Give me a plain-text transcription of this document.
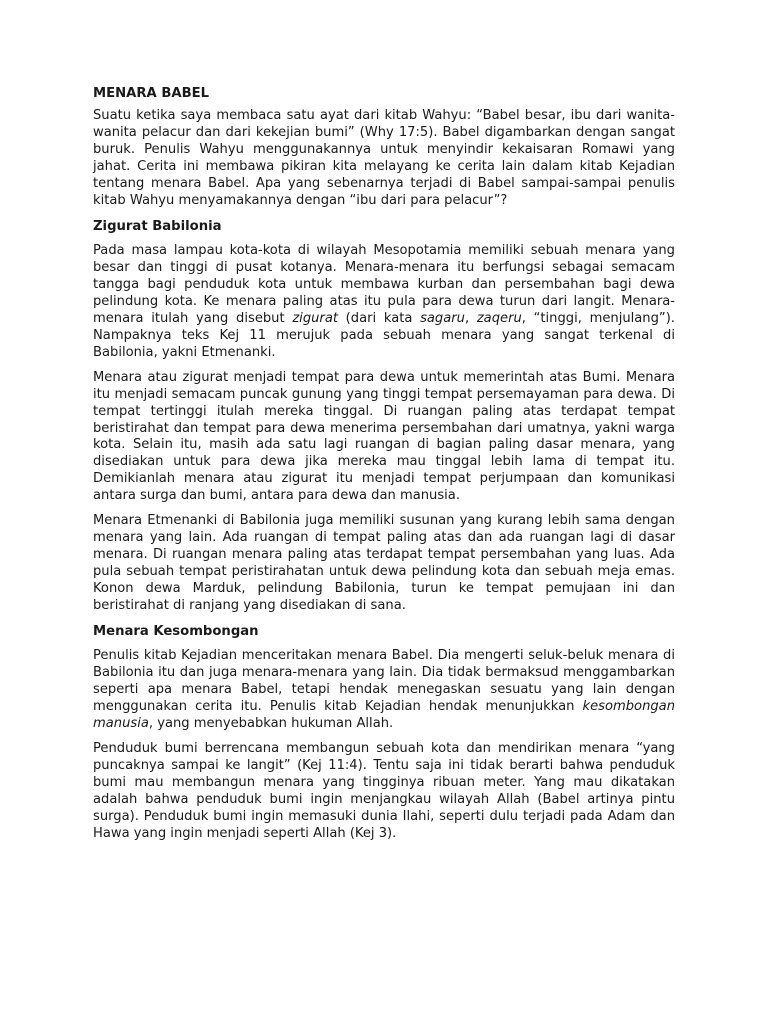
MENARA BABEL

Suatu ketika saya membaca satu ayat dari kitab Wahyu: “Babel besar, ibu dari wanita-wanita pelacur dan dari kekejian bumi” (Why 17:5). Babel digambarkan dengan sangat buruk. Penulis Wahyu menggunakannya untuk menyindir kekaisaran Romawi yang jahat. Cerita ini membawa pikiran kita melayang ke cerita lain dalam kitab Kejadian tentang menara Babel. Apa yang sebenarnya terjadi di Babel sampai-sampai penulis kitab Wahyu menyamakannya dengan “ibu dari para pelacur”?

Zigurat Babilonia

Pada masa lampau kota-kota di wilayah Mesopotamia memiliki sebuah menara yang besar dan tinggi di pusat kotanya. Menara-menara itu berfungsi sebagai semacam tangga bagi penduduk kota untuk membawa kurban dan persembahan bagi dewa pelindung kota. Ke menara paling atas itu pula para dewa turun dari langit. Menara-menara itulah yang disebut zigurat (dari kata sagaru, zaqeru, “tinggi, menjulang”). Nampaknya teks Kej 11 merujuk pada sebuah menara yang sangat terkenal di Babilonia, yakni Etmenanki.

Menara atau zigurat menjadi tempat para dewa untuk memerintah atas Bumi. Menara itu menjadi semacam puncak gunung yang tinggi tempat persemayaman para dewa. Di tempat tertinggi itulah mereka tinggal. Di ruangan paling atas terdapat tempat beristirahat dan tempat para dewa menerima persembahan dari umatnya, yakni warga kota. Selain itu, masih ada satu lagi ruangan di bagian paling dasar menara, yang disediakan untuk para dewa jika mereka mau tinggal lebih lama di tempat itu. Demikianlah menara atau zigurat itu menjadi tempat perjumpaan dan komunikasi antara surga dan bumi, antara para dewa dan manusia.

Menara Etmenanki di Babilonia juga memiliki susunan yang kurang lebih sama dengan menara yang lain. Ada ruangan di tempat paling atas dan ada ruangan lagi di dasar menara. Di ruangan menara paling atas terdapat tempat persembahan yang luas. Ada pula sebuah tempat peristirahatan untuk dewa pelindung kota dan sebuah meja emas. Konon dewa Marduk, pelindung Babilonia, turun ke tempat pemujaan ini dan beristirahat di ranjang yang disediakan di sana.

Menara Kesombongan

Penulis kitab Kejadian menceritakan menara Babel. Dia mengerti seluk-beluk menara di Babilonia itu dan juga menara-menara yang lain. Dia tidak bermaksud menggambarkan seperti apa menara Babel, tetapi hendak menegaskan sesuatu yang lain dengan menggunakan cerita itu. Penulis kitab Kejadian hendak menunjukkan kesombongan manusia, yang menyebabkan hukuman Allah.

Penduduk bumi berrencana membangun sebuah kota dan mendirikan menara “yang puncaknya sampai ke langit” (Kej 11:4). Tentu saja ini tidak berarti bahwa penduduk bumi mau membangun menara yang tingginya ribuan meter. Yang mau dikatakan adalah bahwa penduduk bumi ingin menjangkau wilayah Allah (Babel artinya pintu surga). Penduduk bumi ingin memasuki dunia Ilahi, seperti dulu terjadi pada Adam dan Hawa yang ingin menjadi seperti Allah (Kej 3).
